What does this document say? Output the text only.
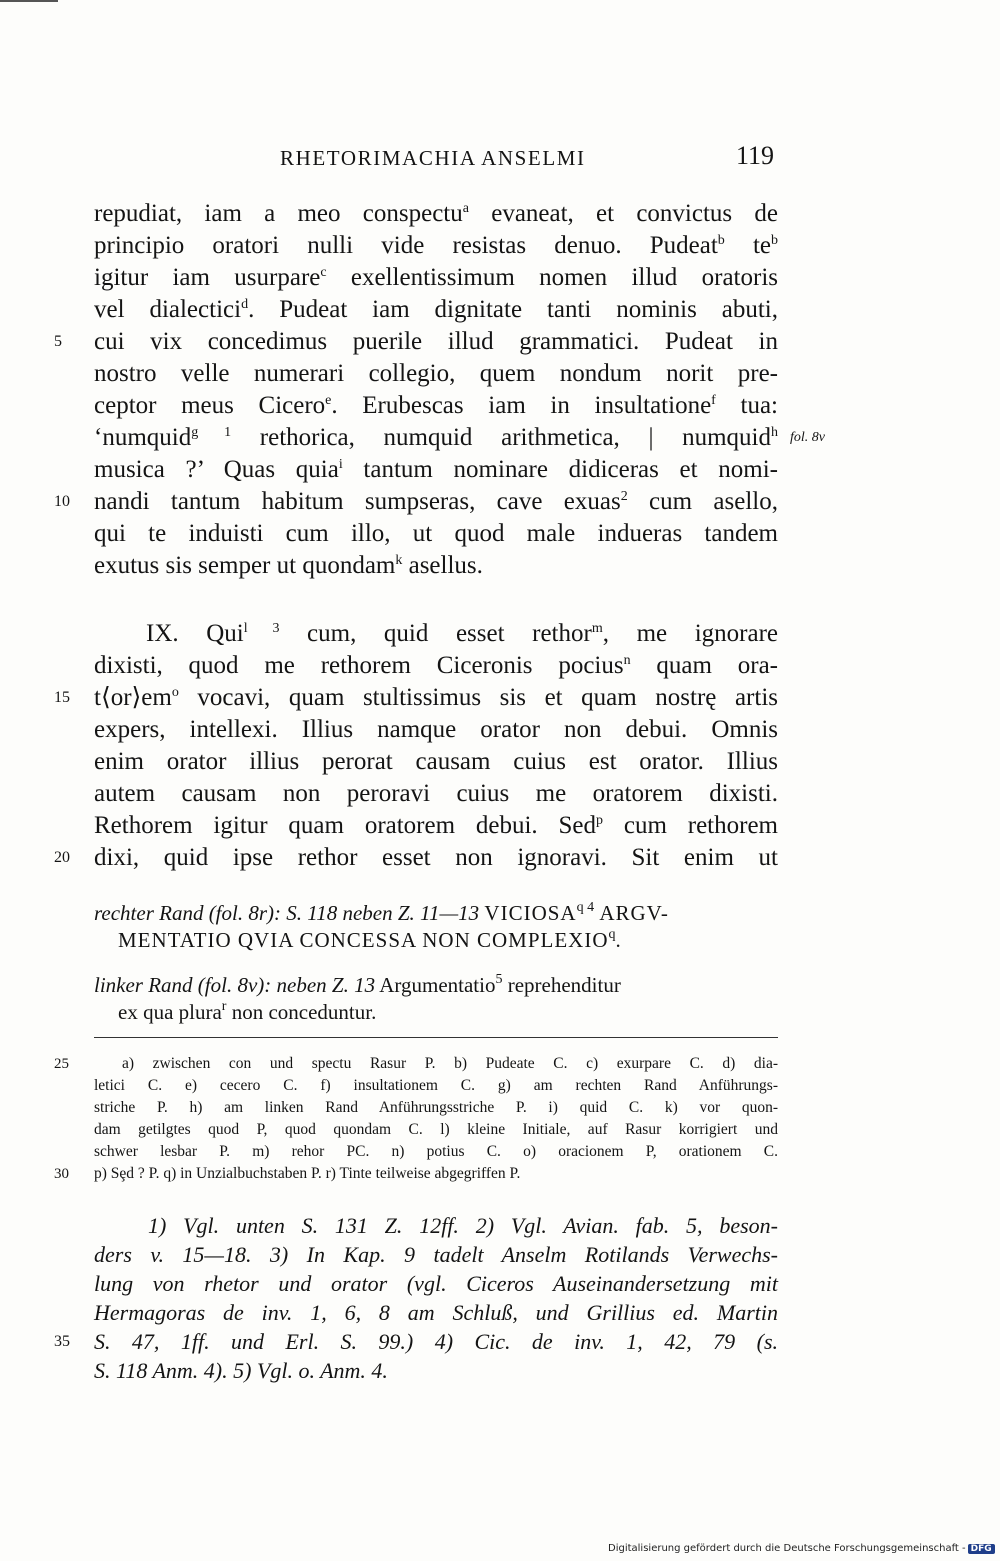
RHETORIMACHIA ANSELMI	119
repudiat, iam a meo conspectu$^a$ evaneat, et convictus de
principio oratori nulli vide resistas denuo. Pudeat$^b$ $te^b$
igitur iam usurpare$^c$ exellentissimum nomen illud oratoris
vel dialectici$^d$. Pudeat iam dignitate tanti nominis abuti,
5 cui vix concedimus puerile illud grammatici. Pudeat in
nostro velle numerari collegio, quem nondum norit pre-
ceptor meus Cicero$^e$. Erubescas iam in insultatione$^f$ tua:
‘numquid$^{g 1}$ rethorica, numquid arithmetica, | numquid$^h$
musica ?’ Quas quia$^i$ tantum nominare didiceras et nomi-
10 nandi tantum habitum sumpseras, cave exuas$^2$ cum asello,
qui te induisti cum illo, ut quod male indueras tandem
exutus sis semper ut quondam$^k$ asellus.
fol. 8v
IX. Qui$^{l 3}$ cum, quid esset rethor$^m$, me ignorare
dixisti, quod me rethorem Ciceronis pocius$^n$ quam ora-
15 $t⟨or⟩em^o$ vocavi, quam stultissimus sis et quam nostrę artis
expers, intellexi. Illius namque orator non debui. Omnis
enim orator illius perorat causam cuius est orator. Illius
autem causam non peroravi cuius me oratorem dixisti.
Rethorem igitur quam oratorem debui. Sed$^p$ cum rethorem
20 dixi, quid ipse rethor esset non ignoravi. Sit enim ut
rechter Rand (fol. 8r): S. 118 neben Z. 11—13 $VICIOSA^{q 4}$ ARGV-
MENTATIO QVIA CONCESSA NON COMPLEXIO$^q$.
linker Rand (fol. 8v): neben Z. 13 Argumentatio$^5$ reprehenditur
ex qua plura$^r$ non conceduntur.
25	a) zwischen con und spectu Rasur P. b) Pudeate C. c) exurpare C. d) dia-
letici C. e) cecero C. f) insultationem C. g) am rechten Rand Anführungs-
striche P. h) am linken Rand Anführungsstriche P. i) quid C. k) vor quon-
dam getilgtes quod P, quod quondam C. l) kleine Initiale, auf Rasur korrigiert und
schwer lesbar P. m) rehor PC. n) potius C. o) oracionem P, orationem C.
30 p) Sȩd ? P. q) in Unzialbuchstaben P. r) Tinte teilweise abgegriffen P.
1) Vgl. unten S. 131 Z. 12ff. 2) Vgl. Avian. fab. 5, beson-
ders v. 15—18. 3) In Kap. 9 tadelt Anselm Rotilands Verwechs-
lung von rhetor und orator (vgl. Ciceros Auseinandersetzung mit
Hermagoras de inv. 1, 6, 8 am Schluß, und Grillius ed. Martin
35 S. 47, 1ff. und Erl. S. 99.) 4) Cic. de inv. 1, 42, 79 (s.
S. 118 Anm. 4). 5) Vgl. o. Anm. 4.
Digitalisierung gefördert durch die Deutsche Forschungsgemeinschaft - DFG
